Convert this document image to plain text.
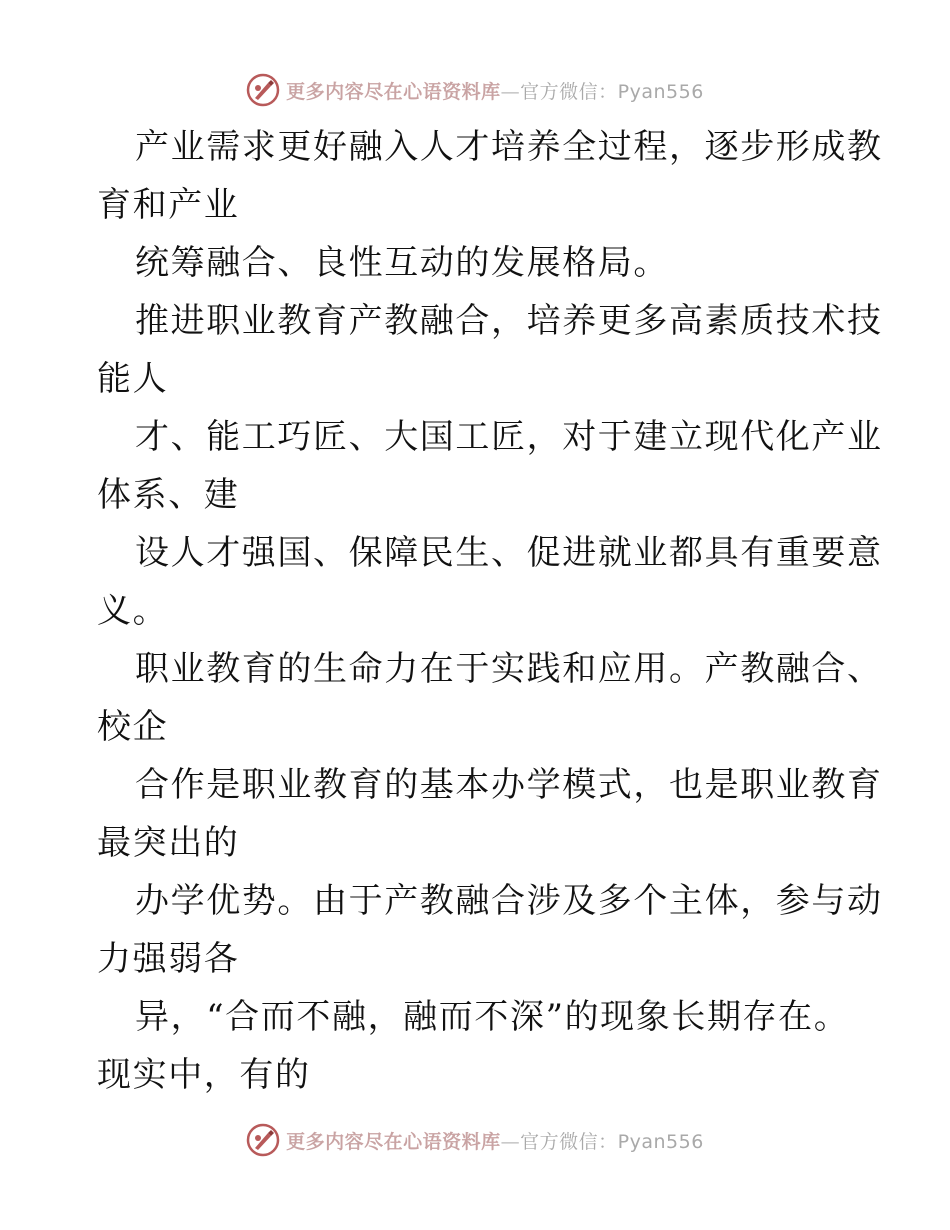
更多内容尽在心语资料库—官方微信：Pyan556
产业需求更好融入人才培养全过程，逐步形成教
育和产业
统筹融合、良性互动的发展格局。
推进职业教育产教融合，培养更多高素质技术技
能人
才、能工巧匠、大国工匠，对于建立现代化产业
体系、建
设人才强国、保障民生、促进就业都具有重要意
义。
职业教育的生命力在于实践和应用。产教融合、
校企
合作是职业教育的基本办学模式，也是职业教育
最突出的
办学优势。由于产教融合涉及多个主体，参与动
力强弱各
异，“合而不融，融而不深”的现象长期存在。
现实中，有的
更多内容尽在心语资料库—官方微信：Pyan556
